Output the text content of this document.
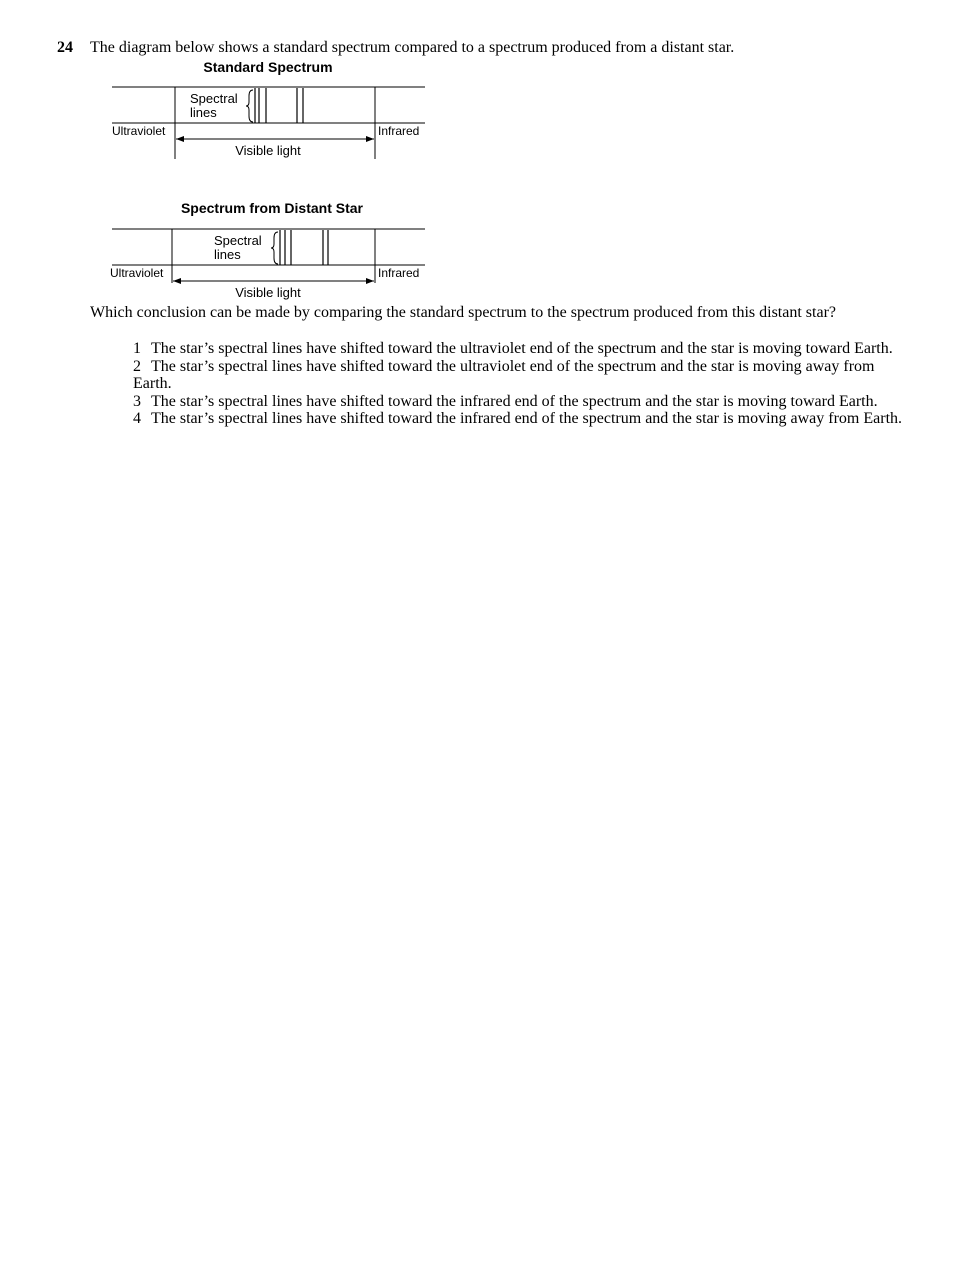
24 The diagram below shows a standard spectrum compared to a spectrum produced from a distant star.
Standard Spectrum
Spectral
lines
Ultraviolet	Infrared
Visible light
Spectrum from Distant Star
Spectral
lines
Ultraviolet	Infrared
Visible light
Which conclusion can be made by comparing the standard spectrum to the spectrum produced from this distant star?
1 The star’s spectral lines have shifted toward the ultraviolet end of the spectrum and the star is moving toward Earth.
2 The star’s spectral lines have shifted toward the ultraviolet end of the spectrum and the star is moving away from Earth.
3 The star’s spectral lines have shifted toward the infrared end of the spectrum and the star is moving toward Earth.
4 The star’s spectral lines have shifted toward the infrared end of the spectrum and the star is moving away from Earth.
